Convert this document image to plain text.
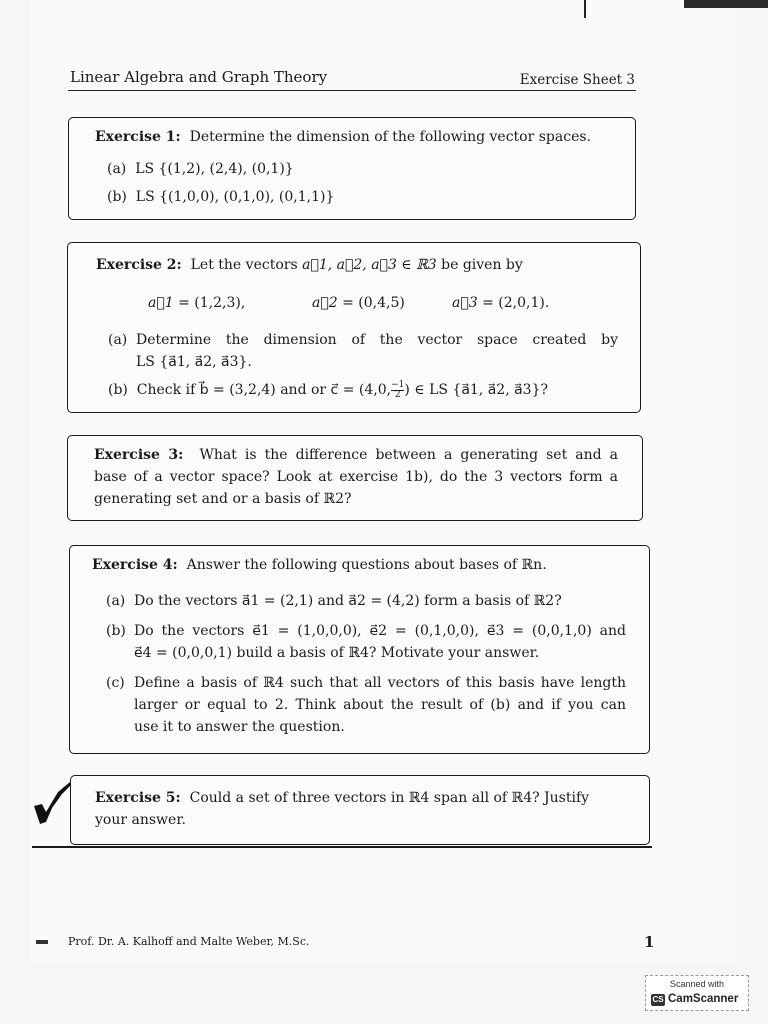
Linear Algebra and Graph Theory	Exercise Sheet 3
Exercise 1: Determine the dimension of the following vector spaces.
(a) LS {(1,2), (2,4), (0,1)}
(b) LS {(1,0,0), (0,1,0), (0,1,1)}
Exercise 2: Let the vectors a⃗1, a⃗2, a⃗3 ∈ ℝ3 be given by
a⃗1 = (1,2,3),	a⃗2 = (0,4,5)	a⃗3 = (2,0,1).
(a) Determine the dimension of the vector space created by
LS {a⃗1, a⃗2, a⃗3}.
(b) Check if b⃗ = (3,2,4) and or c⃗ = (4,0, $\frac{-1}{2}$ ) ∈ LS {a⃗1, a⃗2, a⃗3}?
Exercise 3: What is the difference between a generating set and a
base of a vector space? Look at exercise 1b), do the 3 vectors form a
generating set and or a basis of ℝ2?
Exercise 4: Answer the following questions about bases of ℝn.
(a) Do the vectors a⃗1 = (2,1) and a⃗2 = (4,2) form a basis of ℝ2?
(b) Do the vectors e⃗1 = (1,0,0,0), e⃗2 = (0,1,0,0), e⃗3 = (0,0,1,0) and
e⃗4 = (0,0,0,1) build a basis of ℝ4? Motivate your answer.
(c) Define a basis of ℝ4 such that all vectors of this basis have length
larger or equal to 2. Think about the result of (b) and if you can
use it to answer the question.
Exercise 5: Could a set of three vectors in ℝ4 span all of ℝ4? Justify
your answer.
Prof. Dr. A. Kalhoff and Malte Weber, M.Sc.	1
Scanned with
CS CamScanner
